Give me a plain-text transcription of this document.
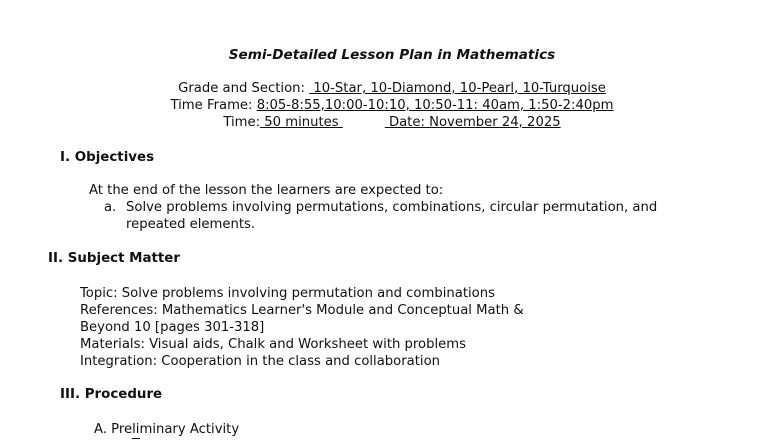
Semi-Detailed Lesson Plan in Mathematics
Grade and Section:  10-Star, 10-Diamond, 10-Pearl, 10-Turquoise
Time Frame: 8:05-8:55,10:00-10:10, 10:50-11: 40am, 1:50-2:40pm
Time: 50 minutes	Date: November 24, 2025
I. Objectives
At the end of the lesson the learners are expected to:
a. Solve problems involving permutations, combinations, circular permutation, and
repeated elements.
II. Subject Matter
Topic: Solve problems involving permutation and combinations
References: Mathematics Learner's Module and Conceptual Math &
Beyond 10 [pages 301-318]
Materials: Visual aids, Chalk and Worksheet with problems
Integration: Cooperation in the class and collaboration
III. Procedure
A. Preliminary Activity
